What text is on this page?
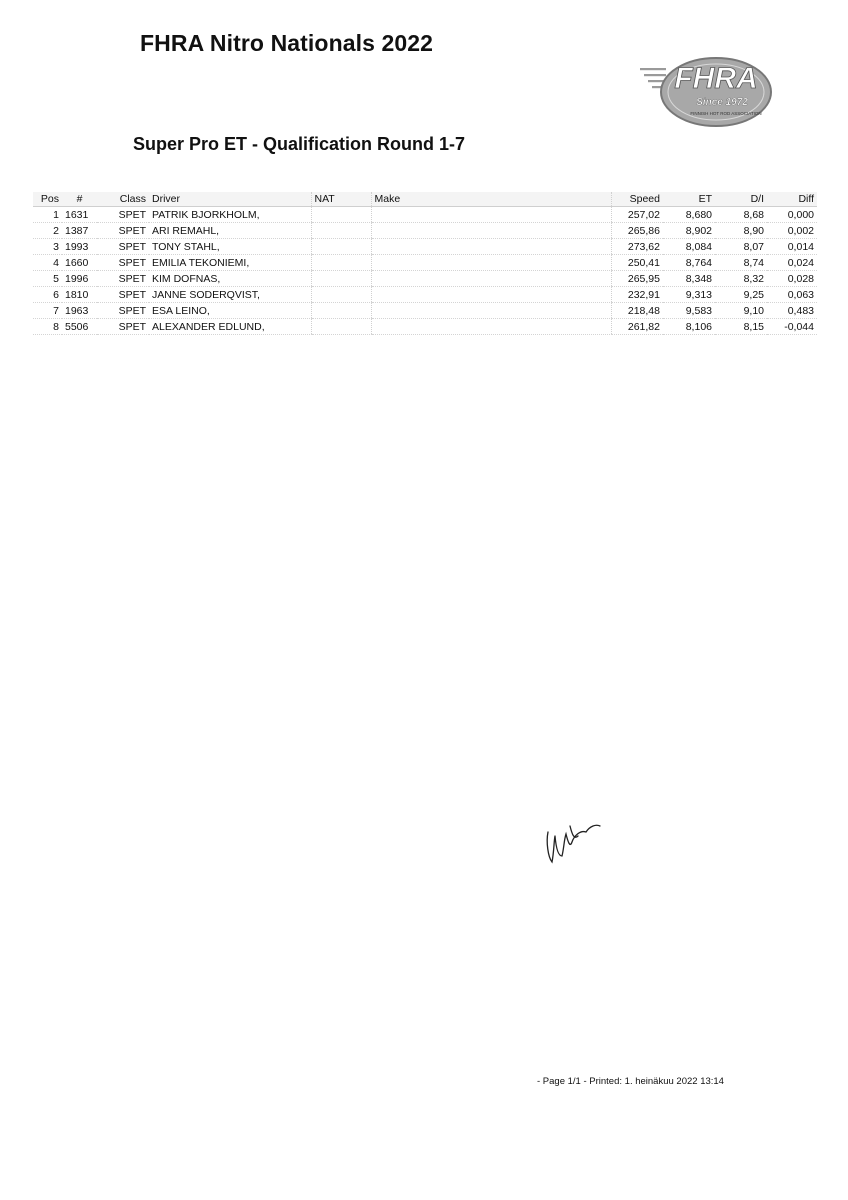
FHRA Nitro Nationals 2022
FHRA
Since 1972
FINNISH HOT ROD ASSOCIATION
Super Pro ET - Qualification Round 1-7
Pos	#	Class	Driver	NAT	Make	Speed	ET	D/I	Diff
1	1631	SPET	PATRIK BJORKHOLM,			257,02	8,680	8,68	0,000
2	1387	SPET	ARI REMAHL,			265,86	8,902	8,90	0,002
3	1993	SPET	TONY STAHL,			273,62	8,084	8,07	0,014
4	1660	SPET	EMILIA TEKONIEMI,			250,41	8,764	8,74	0,024
5	1996	SPET	KIM DOFNAS,			265,95	8,348	8,32	0,028
6	1810	SPET	JANNE SODERQVIST,			232,91	9,313	9,25	0,063
7	1963	SPET	ESA LEINO,			218,48	9,583	9,10	0,483
8	5506	SPET	ALEXANDER EDLUND,			261,82	8,106	8,15	-0,044
- Page 1/1 - Printed: 1. heinäkuu 2022 13:14
